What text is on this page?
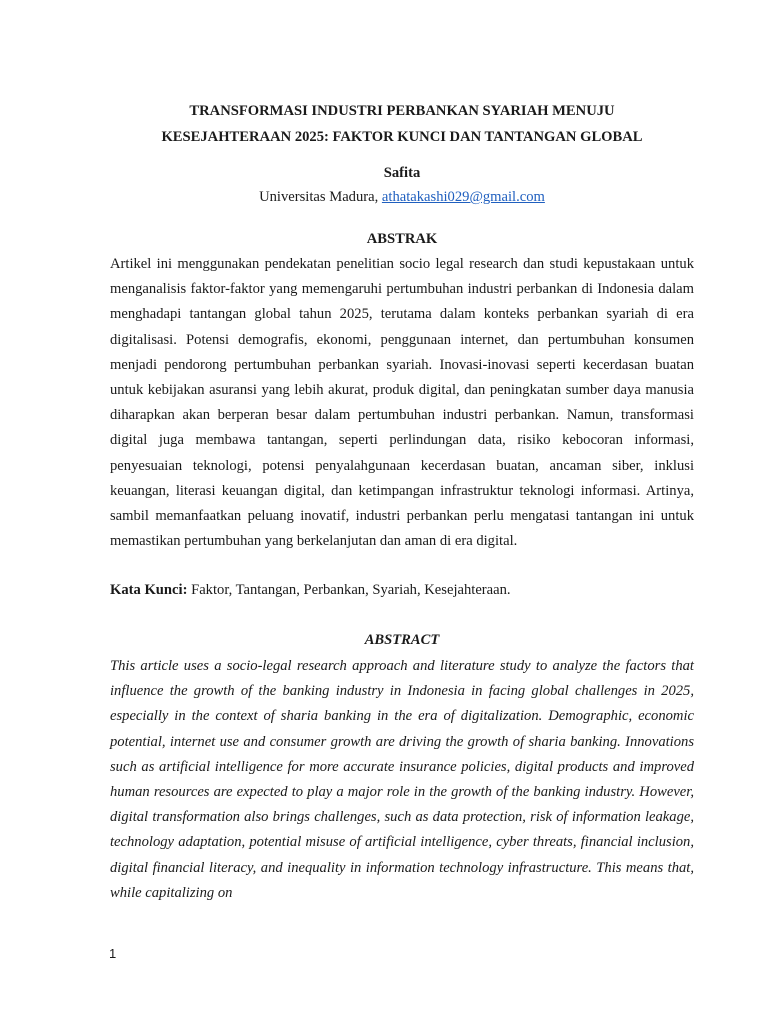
TRANSFORMASI INDUSTRI PERBANKAN SYARIAH MENUJU
KESEJAHTERAAN 2025: FAKTOR KUNCI DAN TANTANGAN GLOBAL
Safita
Universitas Madura, athatakashi029@gmail.com
ABSTRAK

Artikel ini menggunakan pendekatan penelitian socio legal research dan studi kepustakaan untuk menganalisis faktor-faktor yang memengaruhi pertumbuhan industri perbankan di Indonesia dalam menghadapi tantangan global tahun 2025, terutama dalam konteks perbankan syariah di era digitalisasi. Potensi demografis, ekonomi, penggunaan internet, dan pertumbuhan konsumen menjadi pendorong pertumbuhan perbankan syariah. Inovasi-inovasi seperti kecerdasan buatan untuk kebijakan asuransi yang lebih akurat, produk digital, dan peningkatan sumber daya manusia diharapkan akan berperan besar dalam pertumbuhan industri perbankan. Namun, transformasi digital juga membawa tantangan, seperti perlindungan data, risiko kebocoran informasi, penyesuaian teknologi, potensi penyalahgunaan kecerdasan buatan, ancaman siber, inklusi keuangan, literasi keuangan digital, dan ketimpangan infrastruktur teknologi informasi. Artinya, sambil memanfaatkan peluang inovatif, industri perbankan perlu mengatasi tantangan ini untuk memastikan pertumbuhan yang berkelanjutan dan aman di era digital.

Kata Kunci: Faktor, Tantangan, Perbankan, Syariah, Kesejahteraan.
ABSTRACT

This article uses a socio-legal research approach and literature study to analyze the factors that influence the growth of the banking industry in Indonesia in facing global challenges in 2025, especially in the context of sharia banking in the era of digitalization. Demographic, economic potential, internet use and consumer growth are driving the growth of sharia banking. Innovations such as artificial intelligence for more accurate insurance policies, digital products and improved human resources are expected to play a major role in the growth of the banking industry. However, digital transformation also brings challenges, such as data protection, risk of information leakage, technology adaptation, potential misuse of artificial intelligence, cyber threats, financial inclusion, digital financial literacy, and inequality in information technology infrastructure. This means that, while capitalizing on

1
